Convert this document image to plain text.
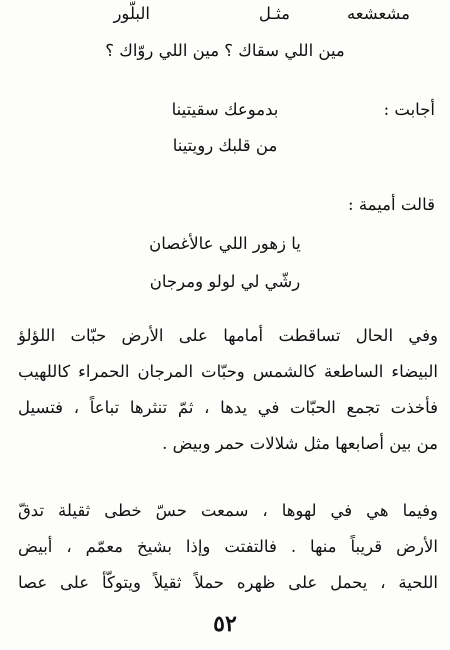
مشعشعه

مثـل

البلّور

مين اللي سقاك ؟ مين اللي روّاك ؟

أجابت :

بدموعك سقيتينا

من قلبك رويتينا

قالت أميمة :

يا زهور اللي عالأغصان

رشّي لي لولو ومرجان

وفي الحال تساقطت أمامها على الأرض حبّات اللؤلؤ

البيضاء الساطعة كالشمس وحبّات المرجان الحمراء كاللهيب

فأخذت تجمع الحبّات في يدها ، ثمّ تنثرها تباعاً ، فتسيل

من بين أصابعها مثل شلالات حمر وبيض .

وفيما هي في لهوها ، سمعت حسّ خطى ثقيلة تدقّ

الأرض قريباً منها . فالتفتت وإذا بشيخ معمّم ، أبيض

اللحية ، يحمل على ظهره حملاً ثقيلاً ويتوكّأ على عصا

٥٢
